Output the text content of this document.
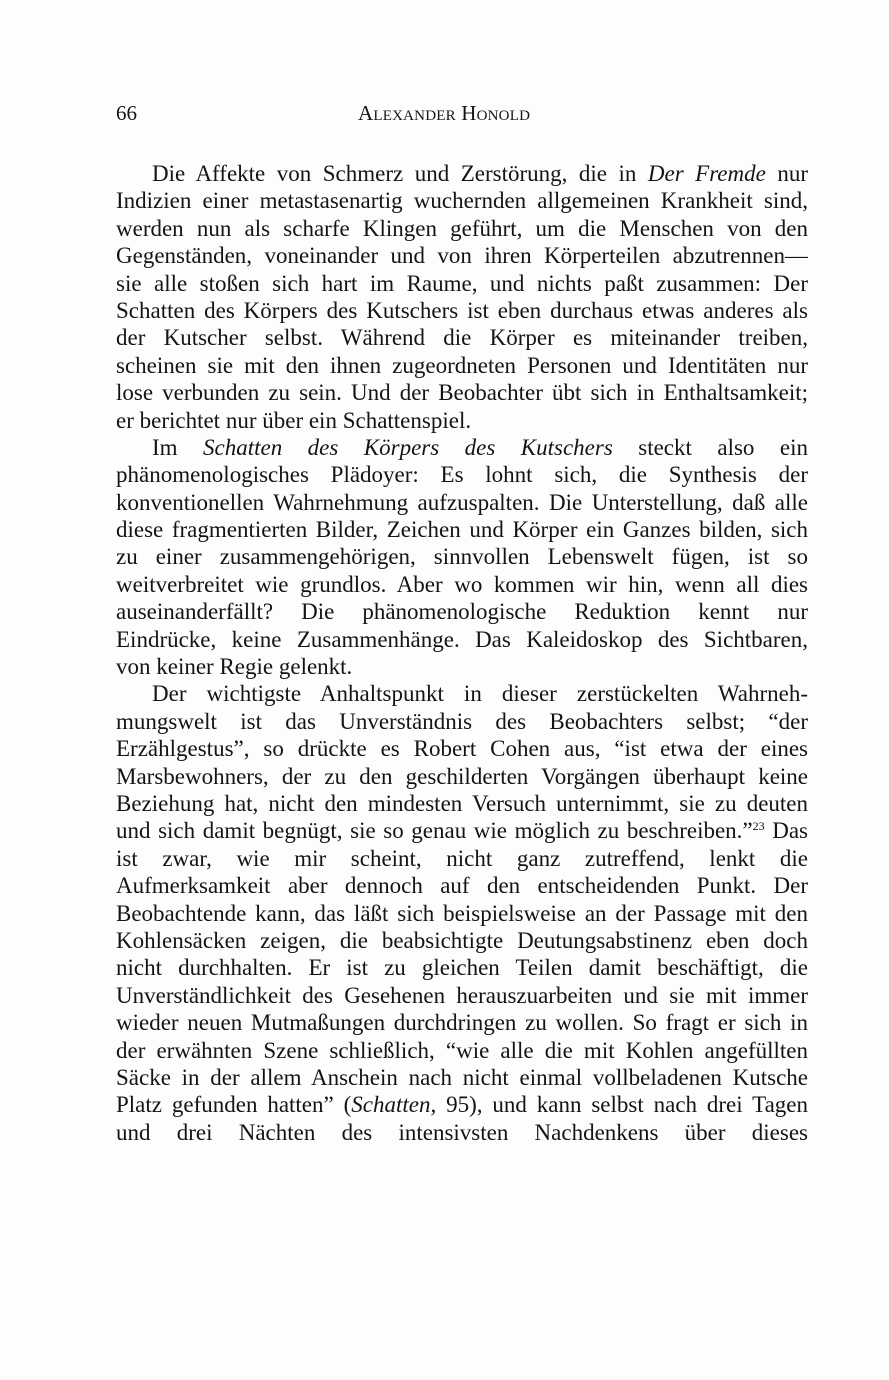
66	Alexander Honold

Die Affekte von Schmerz und Zerstörung, die in Der Fremde nur
Indizien einer metastasenartig wuchernden allgemeinen Krankheit sind,
werden nun als scharfe Klingen geführt, um die Menschen von den
Gegenständen, voneinander und von ihren Körperteilen abzutrennen—
sie alle stoßen sich hart im Raume, und nichts paßt zusammen: Der
Schatten des Körpers des Kutschers ist eben durchaus etwas anderes als
der Kutscher selbst. Während die Körper es miteinander treiben,
scheinen sie mit den ihnen zugeordneten Personen und Identitäten nur
lose verbunden zu sein. Und der Beobachter übt sich in Enthaltsamkeit;
er berichtet nur über ein Schattenspiel.

Im Schatten des Körpers des Kutschers steckt also ein
phänomenologisches Plädoyer: Es lohnt sich, die Synthesis der
konventionellen Wahrnehmung aufzuspalten. Die Unterstellung, daß alle
diese fragmentierten Bilder, Zeichen und Körper ein Ganzes bilden, sich
zu einer zusammengehörigen, sinnvollen Lebenswelt fügen, ist so
weitverbreitet wie grundlos. Aber wo kommen wir hin, wenn all dies
auseinanderfällt? Die phänomenologische Reduktion kennt nur
Eindrücke, keine Zusammenhänge. Das Kaleidoskop des Sichtbaren,
von keiner Regie gelenkt.

Der wichtigste Anhaltspunkt in dieser zerstückelten Wahrneh-
mungswelt ist das Unverständnis des Beobachters selbst; “der
Erzählgestus”, so drückte es Robert Cohen aus, “ist etwa der eines
Marsbewohners, der zu den geschilderten Vorgängen überhaupt keine
Beziehung hat, nicht den mindesten Versuch unternimmt, sie zu deuten
und sich damit begnügt, sie so genau wie möglich zu beschreiben.”$^{23}$ Das
ist zwar, wie mir scheint, nicht ganz zutreffend, lenkt die
Aufmerksamkeit aber dennoch auf den entscheidenden Punkt. Der
Beobachtende kann, das läßt sich beispielsweise an der Passage mit den
Kohlensäcken zeigen, die beabsichtigte Deutungsabstinenz eben doch
nicht durchhalten. Er ist zu gleichen Teilen damit beschäftigt, die
Unverständlichkeit des Gesehenen herauszuarbeiten und sie mit immer
wieder neuen Mutmaßungen durchdringen zu wollen. So fragt er sich in
der erwähnten Szene schließlich, “wie alle die mit Kohlen angefüllten
Säcke in der allem Anschein nach nicht einmal vollbeladenen Kutsche
Platz gefunden hatten” (Schatten, 95), und kann selbst nach drei Tagen
und drei Nächten des intensivsten Nachdenkens über dieses
